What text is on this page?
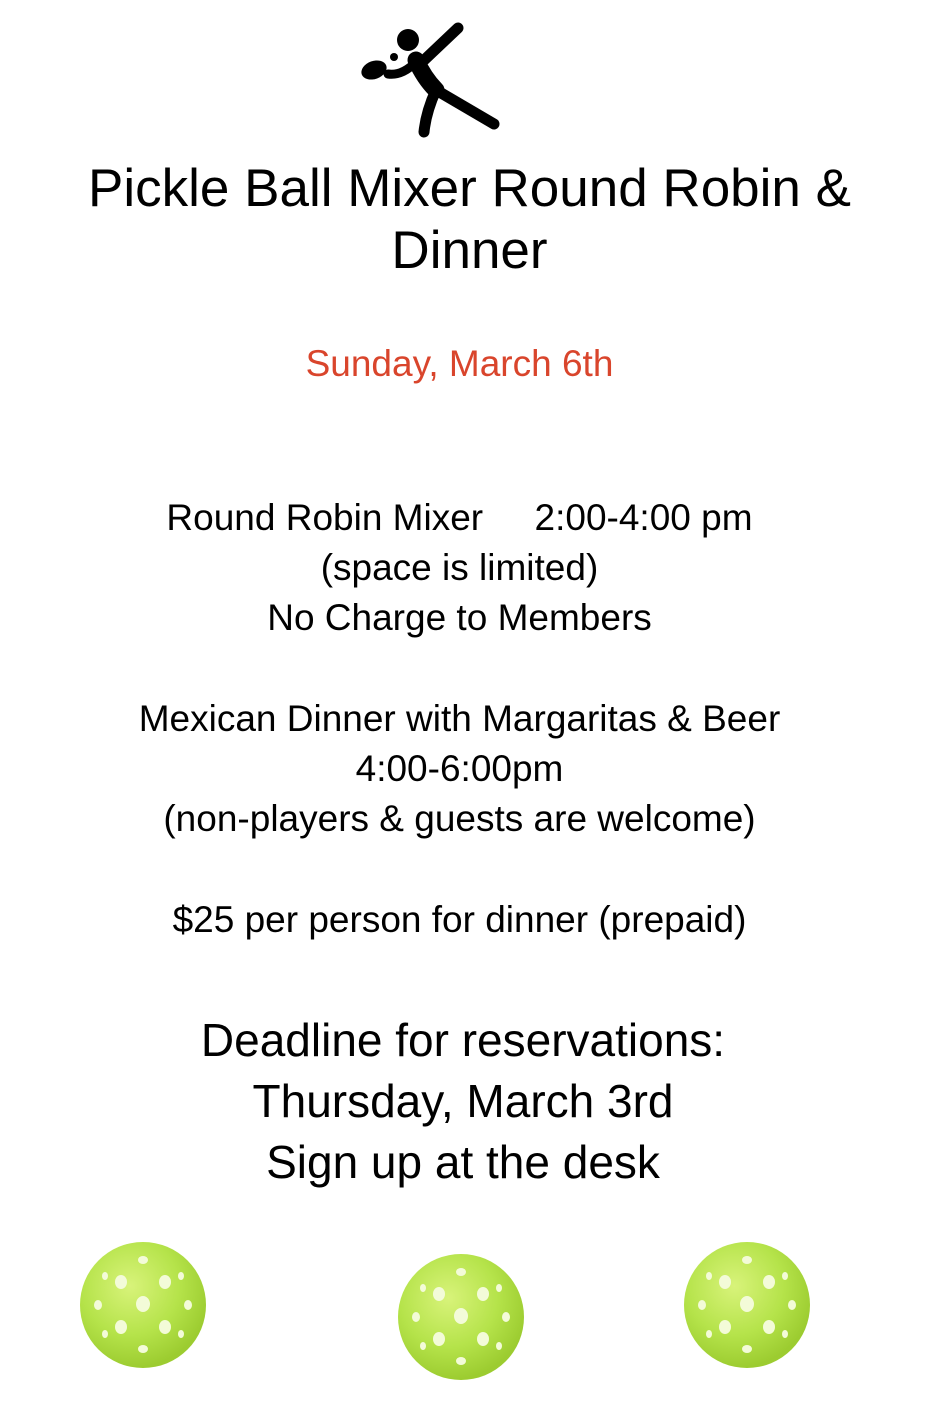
Pickle Ball Mixer Round Robin &
Dinner
Sunday, March 6th
Round Robin Mixer     2:00-4:00 pm
(space is limited)
No Charge to Members
Mexican Dinner with Margaritas & Beer
4:00-6:00pm
(non-players & guests are welcome)
$25 per person for dinner (prepaid)
Deadline for reservations:
Thursday, March 3rd
Sign up at the desk
